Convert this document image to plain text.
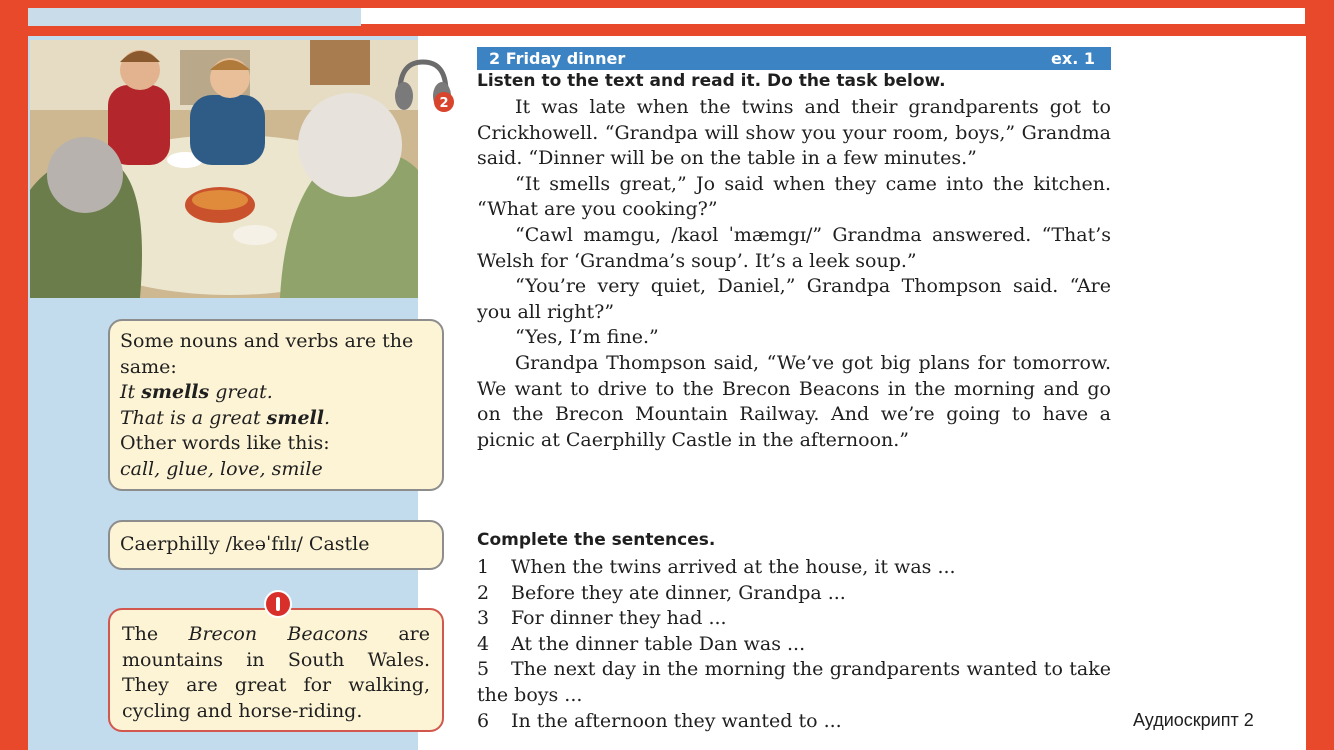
Some nouns and verbs are the
same:
It smells great.
That is a great smell.
Other words like this:
call, glue, love, smile
Caerphilly /keəˈfɪlɪ/ Castle
The Brecon Beacons are mountains in South Wales. They are great for walking, cycling and horse-riding.
2
2 Friday dinner	ex. 1
Listen to the text and read it. Do the task below.

It was late when the twins and their grandparents got to Crickhowell. “Grandpa will show you your room, boys,” Grandma said. “Dinner will be on the table in a few minutes.”

“It smells great,” Jo said when they came into the kitchen. “What are you cooking?”

“Cawl mamgu, /kaʊl ˈmæmgɪ/” Grandma answered. “That’s Welsh for ‘Grandma’s soup’. It’s a leek soup.”

“You’re very quiet, Daniel,” Grandpa Thompson said. “Are you all right?”

“Yes, I’m fine.”

Grandpa Thompson said, “We’ve got big plans for tomorrow. We want to drive to the Brecon Beacons in the morning and go on the Brecon Mountain Railway. And we’re going to have a picnic at Caerphilly Castle in the afternoon.”

Complete the sentences.
1 When the twins arrived at the house, it was ...
2 Before they ate dinner, Grandpa ...
3 For dinner they had ...
4 At the dinner table Dan was ...
5 The next day in the morning the grandparents wanted to take the boys ...
6 In the afternoon they wanted to ...	Аудиоскрипт 2
